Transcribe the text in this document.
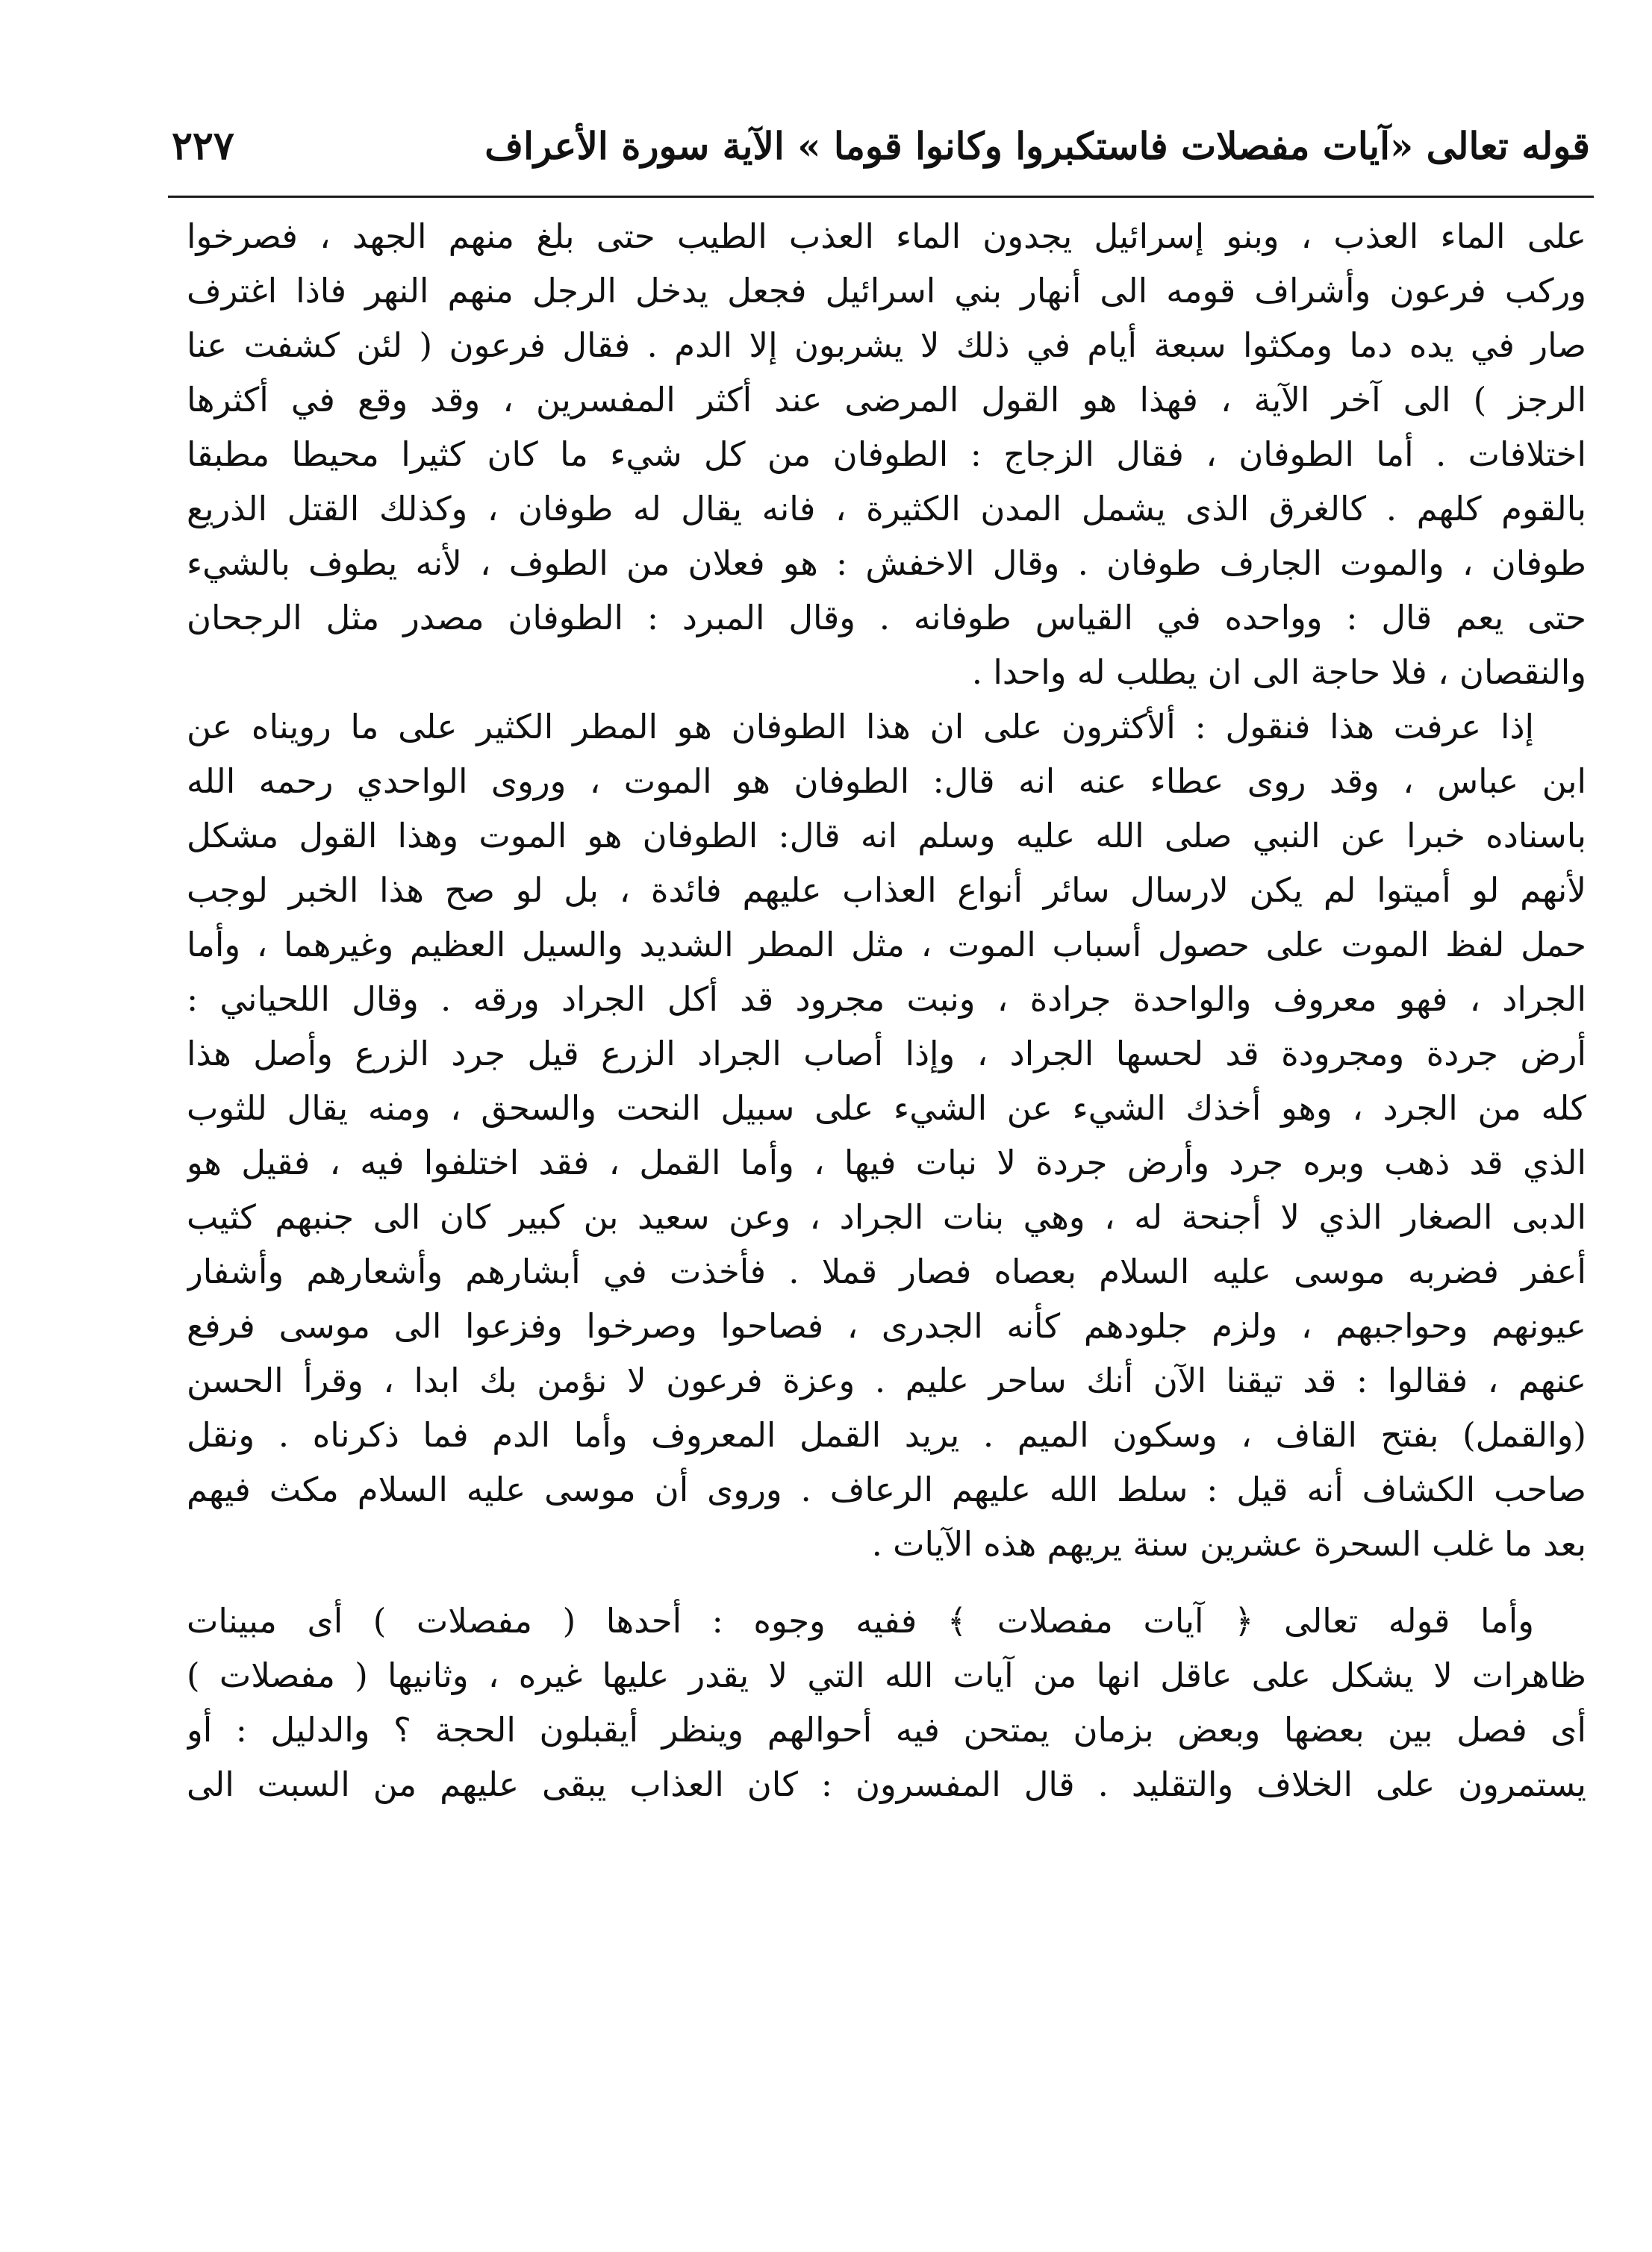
قوله تعالى «آيات مفصلات فاستكبروا وكانوا قوما » الآية سورة الأعراف
٢٢٧
على الماء العذب ، وبنو إسرائيل يجدون الماء العذب الطيب حتى بلغ منهم الجهد ، فصرخوا
وركب فرعون وأشراف قومه الى أنهار بني اسرائيل فجعل يدخل الرجل منهم النهر فاذا اغترف
صار في يده دما ومكثوا سبعة أيام في ذلك لا يشربون إلا الدم . فقال فرعون ( لئن كشفت عنا
الرجز ) الى آخر الآية ، فهذا هو القول المرضى عند أكثر المفسرين ، وقد وقع في أكثرها
اختلافات . أما الطوفان ، فقال الزجاج : الطوفان من كل شيء ما كان كثيرا محيطا مطبقا
بالقوم كلهم . كالغرق الذى يشمل المدن الكثيرة ، فانه يقال له طوفان ، وكذلك القتل الذريع
طوفان ، والموت الجارف طوفان . وقال الاخفش : هو فعلان من الطوف ، لأنه يطوف بالشيء
حتى يعم قال : وواحده في القياس طوفانه . وقال المبرد : الطوفان مصدر مثل الرجحان
والنقصان ، فلا حاجة الى ان يطلب له واحدا .
إذا عرفت هذا فنقول : ألأكثرون على ان هذا الطوفان هو المطر الكثير على ما رويناه عن
ابن عباس ، وقد روى عطاء عنه انه قال: الطوفان هو الموت ، وروى الواحدي رحمه الله
باسناده خبرا عن النبي صلى الله عليه وسلم انه قال: الطوفان هو الموت وهذا القول مشكل
لأنهم لو أميتوا لم يكن لارسال سائر أنواع العذاب عليهم فائدة ، بل لو صح هذا الخبر لوجب
حمل لفظ الموت على حصول أسباب الموت ، مثل المطر الشديد والسيل العظيم وغيرهما ، وأما
الجراد ، فهو معروف والواحدة جرادة ، ونبت مجرود قد أكل الجراد ورقه . وقال اللحياني :
أرض جردة ومجرودة قد لحسها الجراد ، وإذا أصاب الجراد الزرع قيل جرد الزرع وأصل هذا
كله من الجرد ، وهو أخذك الشيء عن الشيء على سبيل النحت والسحق ، ومنه يقال للثوب
الذي قد ذهب وبره جرد وأرض جردة لا نبات فيها ، وأما القمل ، فقد اختلفوا فيه ، فقيل هو
الدبى الصغار الذي لا أجنحة له ، وهي بنات الجراد ، وعن سعيد بن كبير كان الى جنبهم كثيب
أعفر فضربه موسى عليه السلام بعصاه فصار قملا . فأخذت في أبشارهم وأشعارهم وأشفار
عيونهم وحواجبهم ، ولزم جلودهم كأنه الجدرى ، فصاحوا وصرخوا وفزعوا الى موسى فرفع
عنهم ، فقالوا : قد تيقنا الآن أنك ساحر عليم . وعزة فرعون لا نؤمن بك ابدا ، وقرأ الحسن
(والقمل) بفتح القاف ، وسكون الميم . يريد القمل المعروف وأما الدم فما ذكرناه . ونقل
صاحب الكشاف أنه قيل : سلط الله عليهم الرعاف . وروى أن موسى عليه السلام مكث فيهم
بعد ما غلب السحرة عشرين سنة يريهم هذه الآيات .
وأما قوله تعالى ﴿ آيات مفصلات ﴾ ففيه وجوه : أحدها ( مفصلات ) أى مبينات
ظاهرات لا يشكل على عاقل انها من آيات الله التي لا يقدر عليها غيره ، وثانيها ( مفصلات )
أى فصل بين بعضها وبعض بزمان يمتحن فيه أحوالهم وينظر أيقبلون الحجة ؟ والدليل : أو
يستمرون على الخلاف والتقليد . قال المفسرون : كان العذاب يبقى عليهم من السبت الى
